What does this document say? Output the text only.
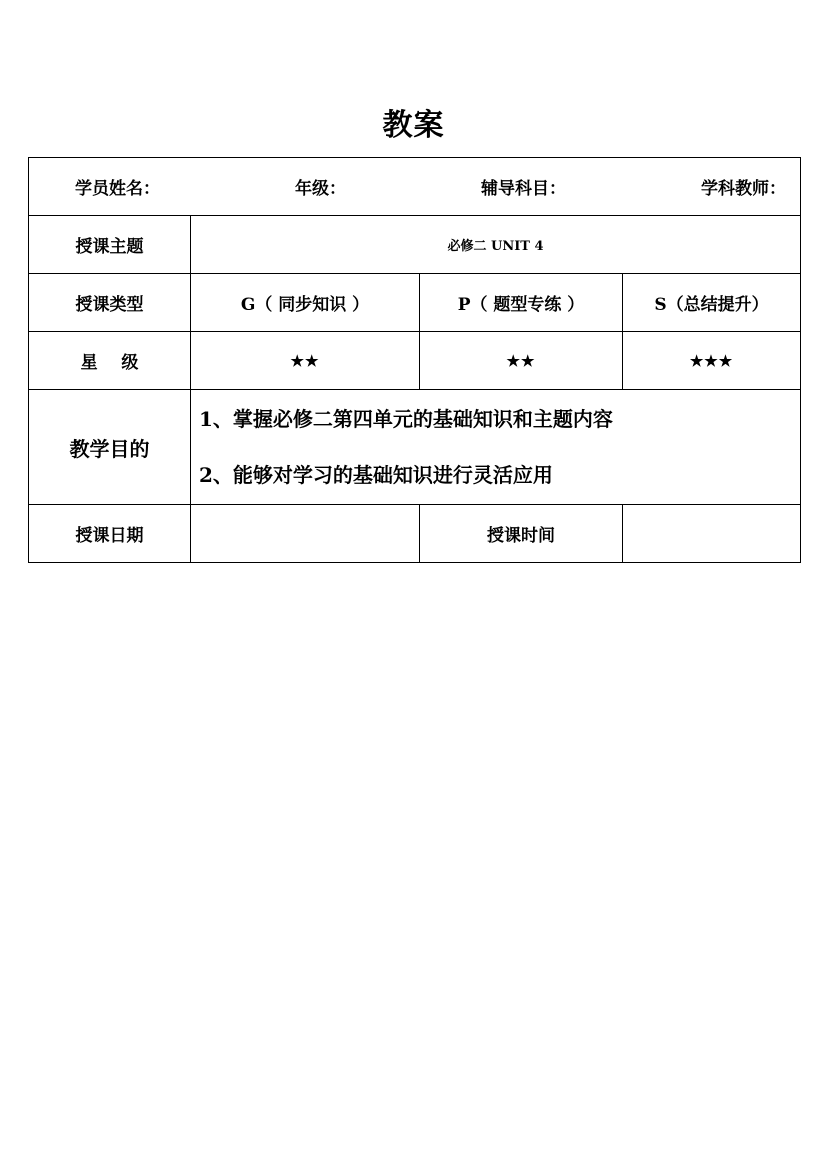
教案
学员姓名： 年级： 辅导科目： 学科教师：			

授课主题	必修二 UNIT 4		
授课类型	G（ 同步知识 ）	P（ 题型专练 ）	S（总结提升）
星    级	★★	★★	★★★
教学目的	1、掌握必修二第四单元的基础知识和主题内容

2、能够对学习的基础知识进行灵活应用		

授课日期		授课时间	
